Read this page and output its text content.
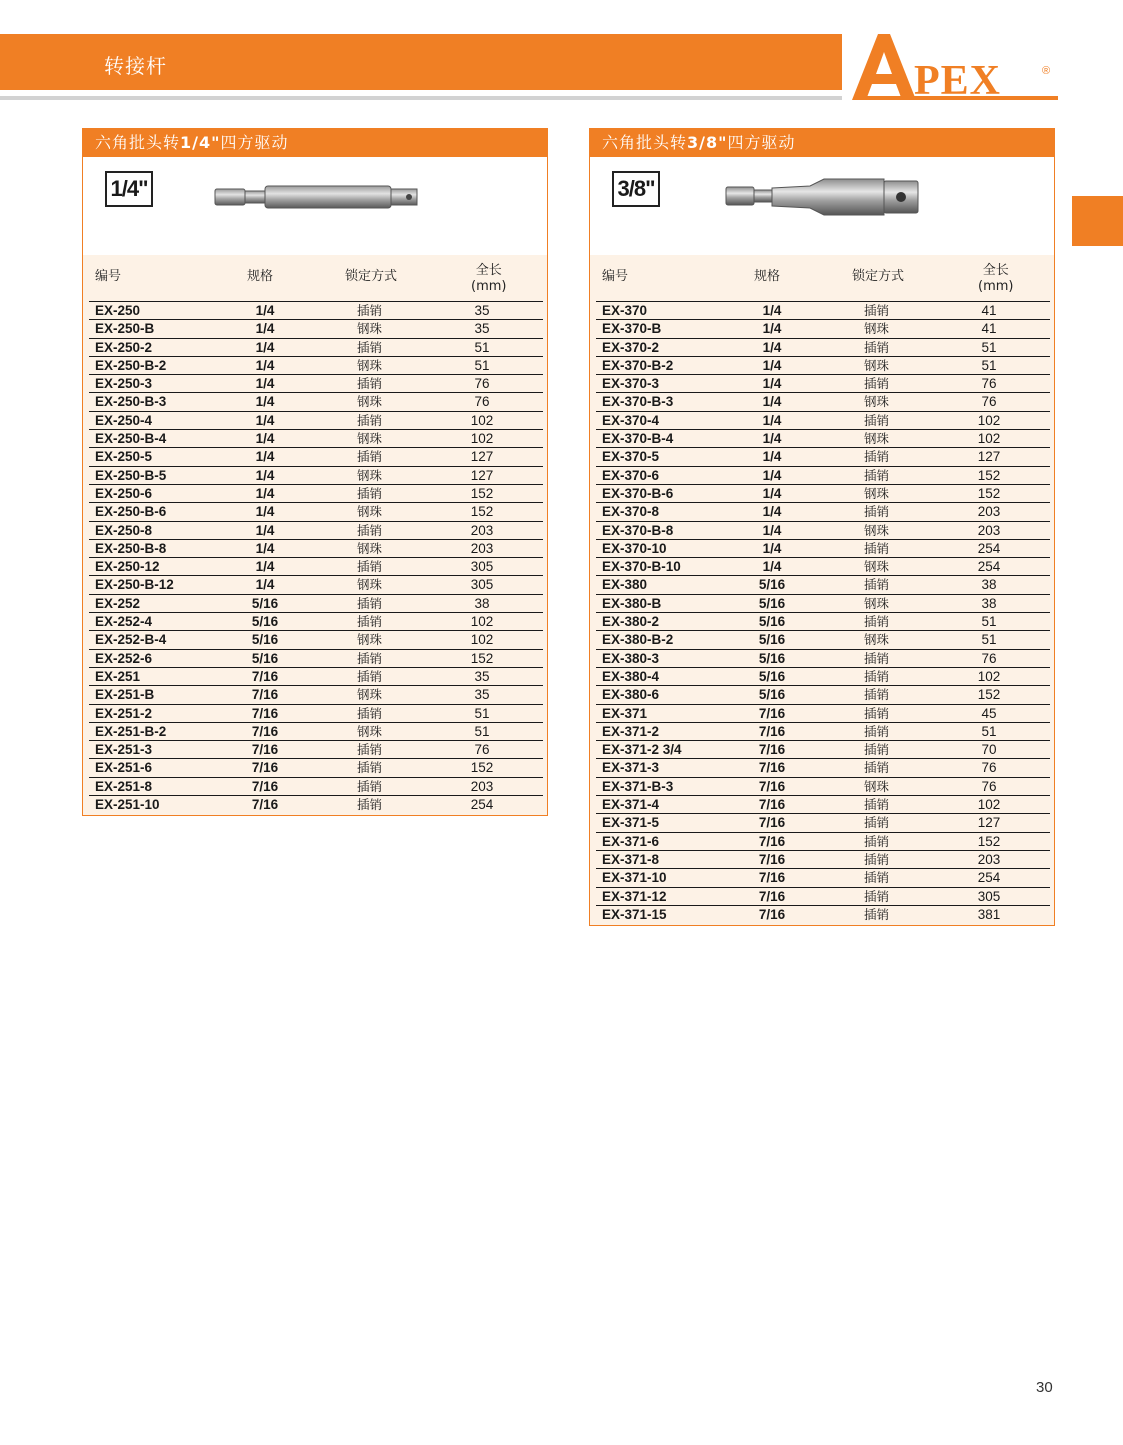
转接杆	PEX	®
六角批头转1/4"四方驱动
1/4"
编号	规格	锁定方式	全长
(mm)
EX-250	1/4	插销	35
EX-250-B	1/4	钢珠	35
EX-250-2	1/4	插销	51
EX-250-B-2	1/4	钢珠	51
EX-250-3	1/4	插销	76
EX-250-B-3	1/4	钢珠	76
EX-250-4	1/4	插销	102
EX-250-B-4	1/4	钢珠	102
EX-250-5	1/4	插销	127
EX-250-B-5	1/4	钢珠	127
EX-250-6	1/4	插销	152
EX-250-B-6	1/4	钢珠	152
EX-250-8	1/4	插销	203
EX-250-B-8	1/4	钢珠	203
EX-250-12	1/4	插销	305
EX-250-B-12	1/4	钢珠	305
EX-252	5/16	插销	38
EX-252-4	5/16	插销	102
EX-252-B-4	5/16	钢珠	102
EX-252-6	5/16	插销	152
EX-251	7/16	插销	35
EX-251-B	7/16	钢珠	35
EX-251-2	7/16	插销	51
EX-251-B-2	7/16	钢珠	51
EX-251-3	7/16	插销	76
EX-251-6	7/16	插销	152
EX-251-8	7/16	插销	203
EX-251-10	7/16	插销	254
六角批头转3/8"四方驱动
3/8"
编号	规格	锁定方式	全长
(mm)
EX-370	1/4	插销	41
EX-370-B	1/4	钢珠	41
EX-370-2	1/4	插销	51
EX-370-B-2	1/4	钢珠	51
EX-370-3	1/4	插销	76
EX-370-B-3	1/4	钢珠	76
EX-370-4	1/4	插销	102
EX-370-B-4	1/4	钢珠	102
EX-370-5	1/4	插销	127
EX-370-6	1/4	插销	152
EX-370-B-6	1/4	钢珠	152
EX-370-8	1/4	插销	203
EX-370-B-8	1/4	钢珠	203
EX-370-10	1/4	插销	254
EX-370-B-10	1/4	钢珠	254
EX-380	5/16	插销	38
EX-380-B	5/16	钢珠	38
EX-380-2	5/16	插销	51
EX-380-B-2	5/16	钢珠	51
EX-380-3	5/16	插销	76
EX-380-4	5/16	插销	102
EX-380-6	5/16	插销	152
EX-371	7/16	插销	45
EX-371-2	7/16	插销	51
EX-371-2 3/4	7/16	插销	70
EX-371-3	7/16	插销	76
EX-371-B-3	7/16	钢珠	76
EX-371-4	7/16	插销	102
EX-371-5	7/16	插销	127
EX-371-6	7/16	插销	152
EX-371-8	7/16	插销	203
EX-371-10	7/16	插销	254
EX-371-12	7/16	插销	305
EX-371-15	7/16	插销	381
30
